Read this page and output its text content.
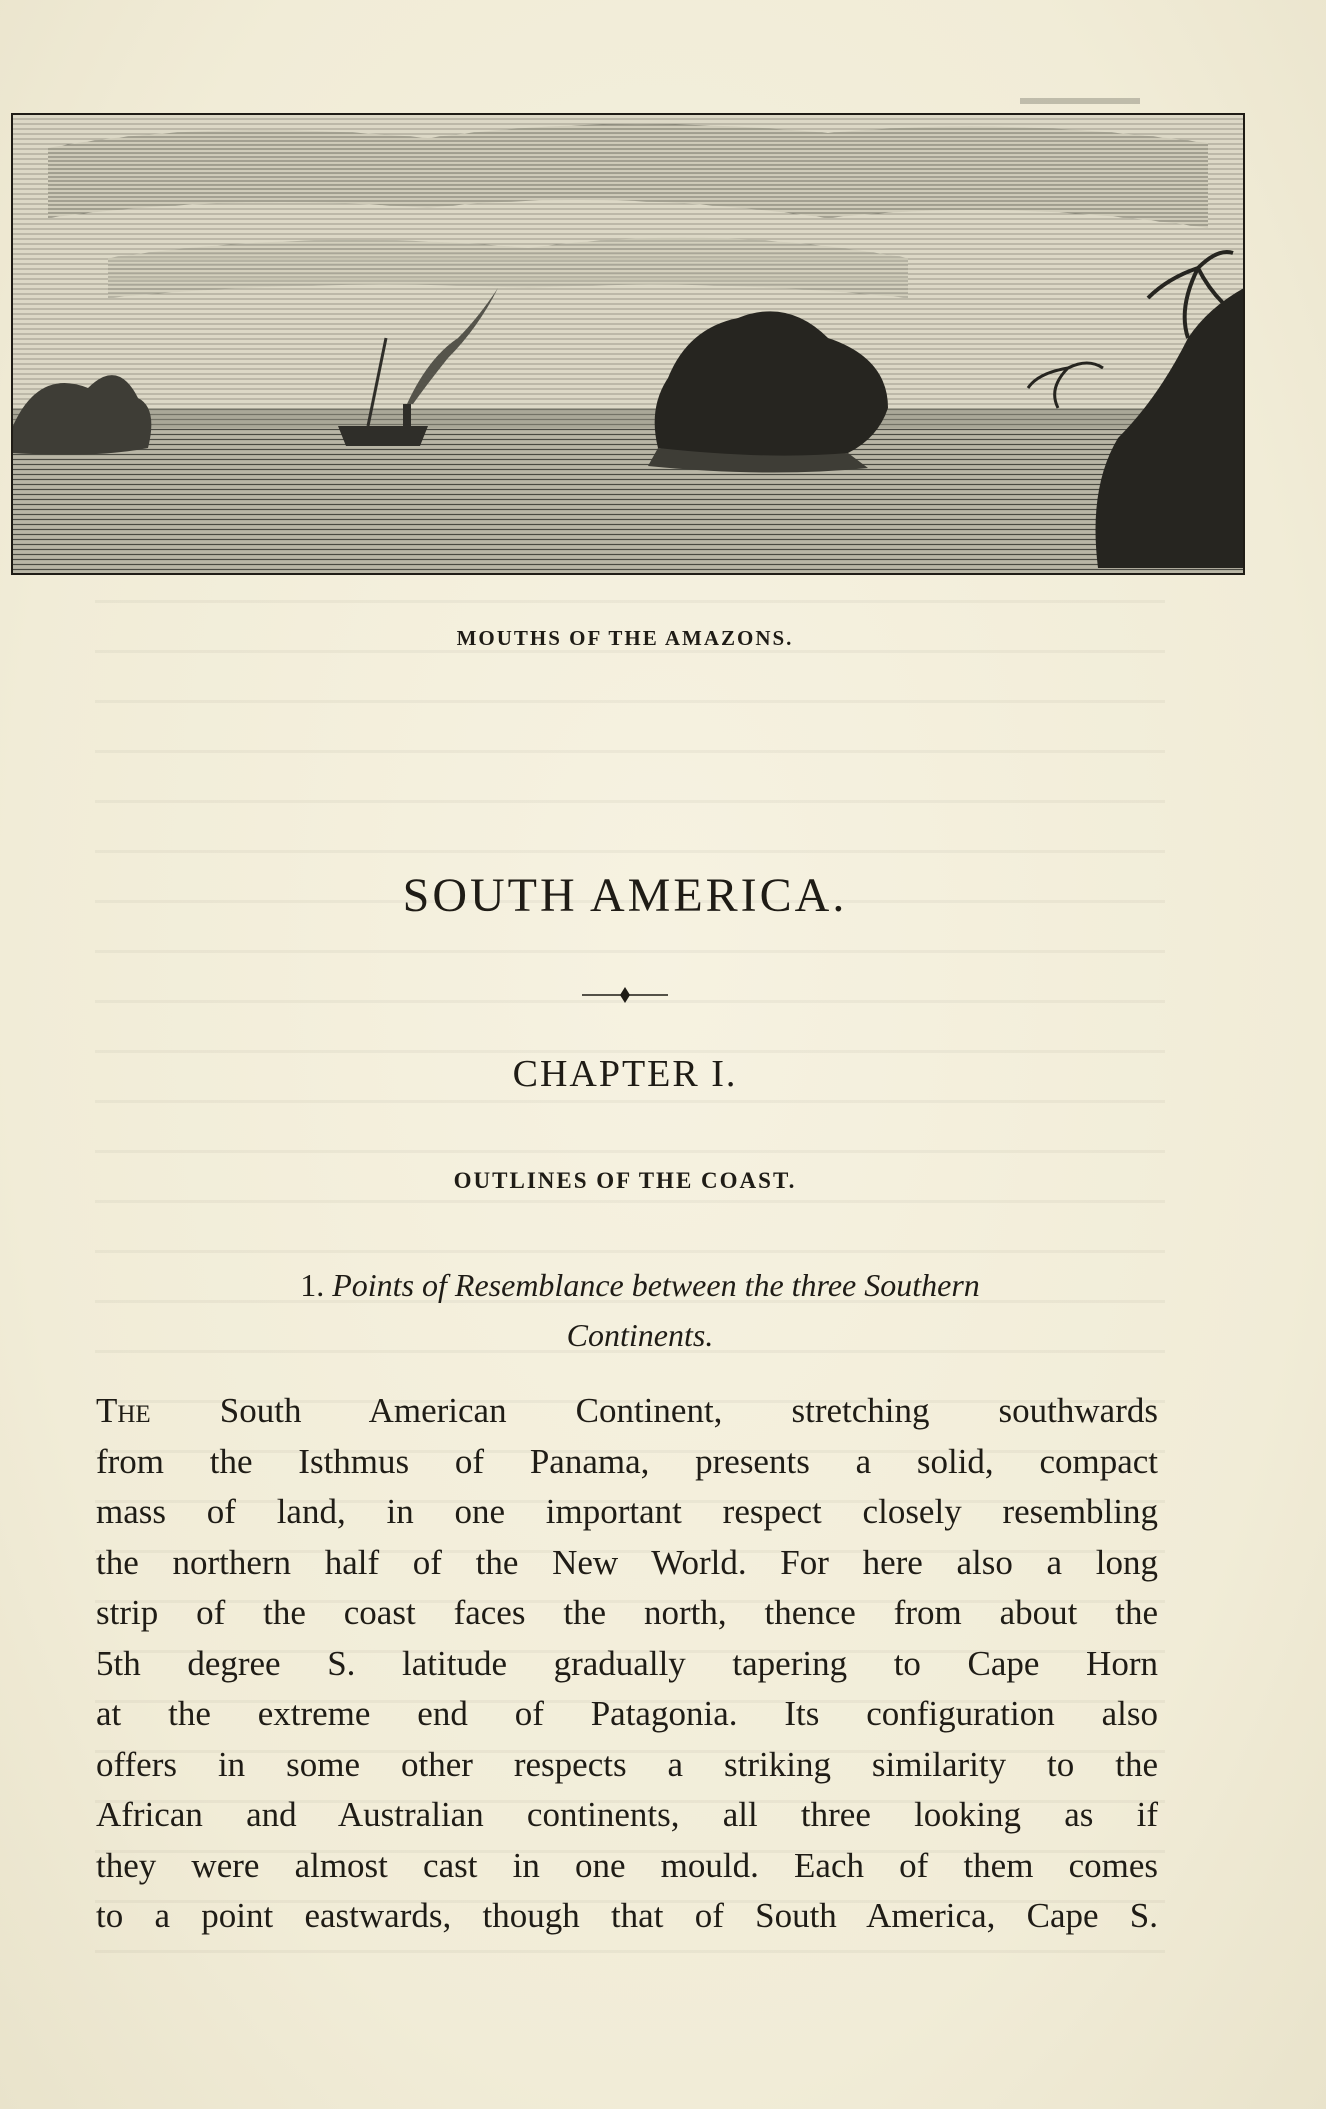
MOUTHS OF THE AMAZONS.
SOUTH AMERICA.
CHAPTER I.
OUTLINES OF THE COAST.
1. Points of Resemblance between the three Southern
Continents.
The South American Continent, stretching southwards
from the Isthmus of Panama, presents a solid, compact
mass of land, in one important respect closely resembling
the northern half of the New World. For here also a long
strip of the coast faces the north, thence from about the
5th degree S. latitude gradually tapering to Cape Horn
at the extreme end of Patagonia. Its configuration also
offers in some other respects a striking similarity to the
African and Australian continents, all three looking as if
they were almost cast in one mould. Each of them comes
to a point eastwards, though that of South America, Cape S.
